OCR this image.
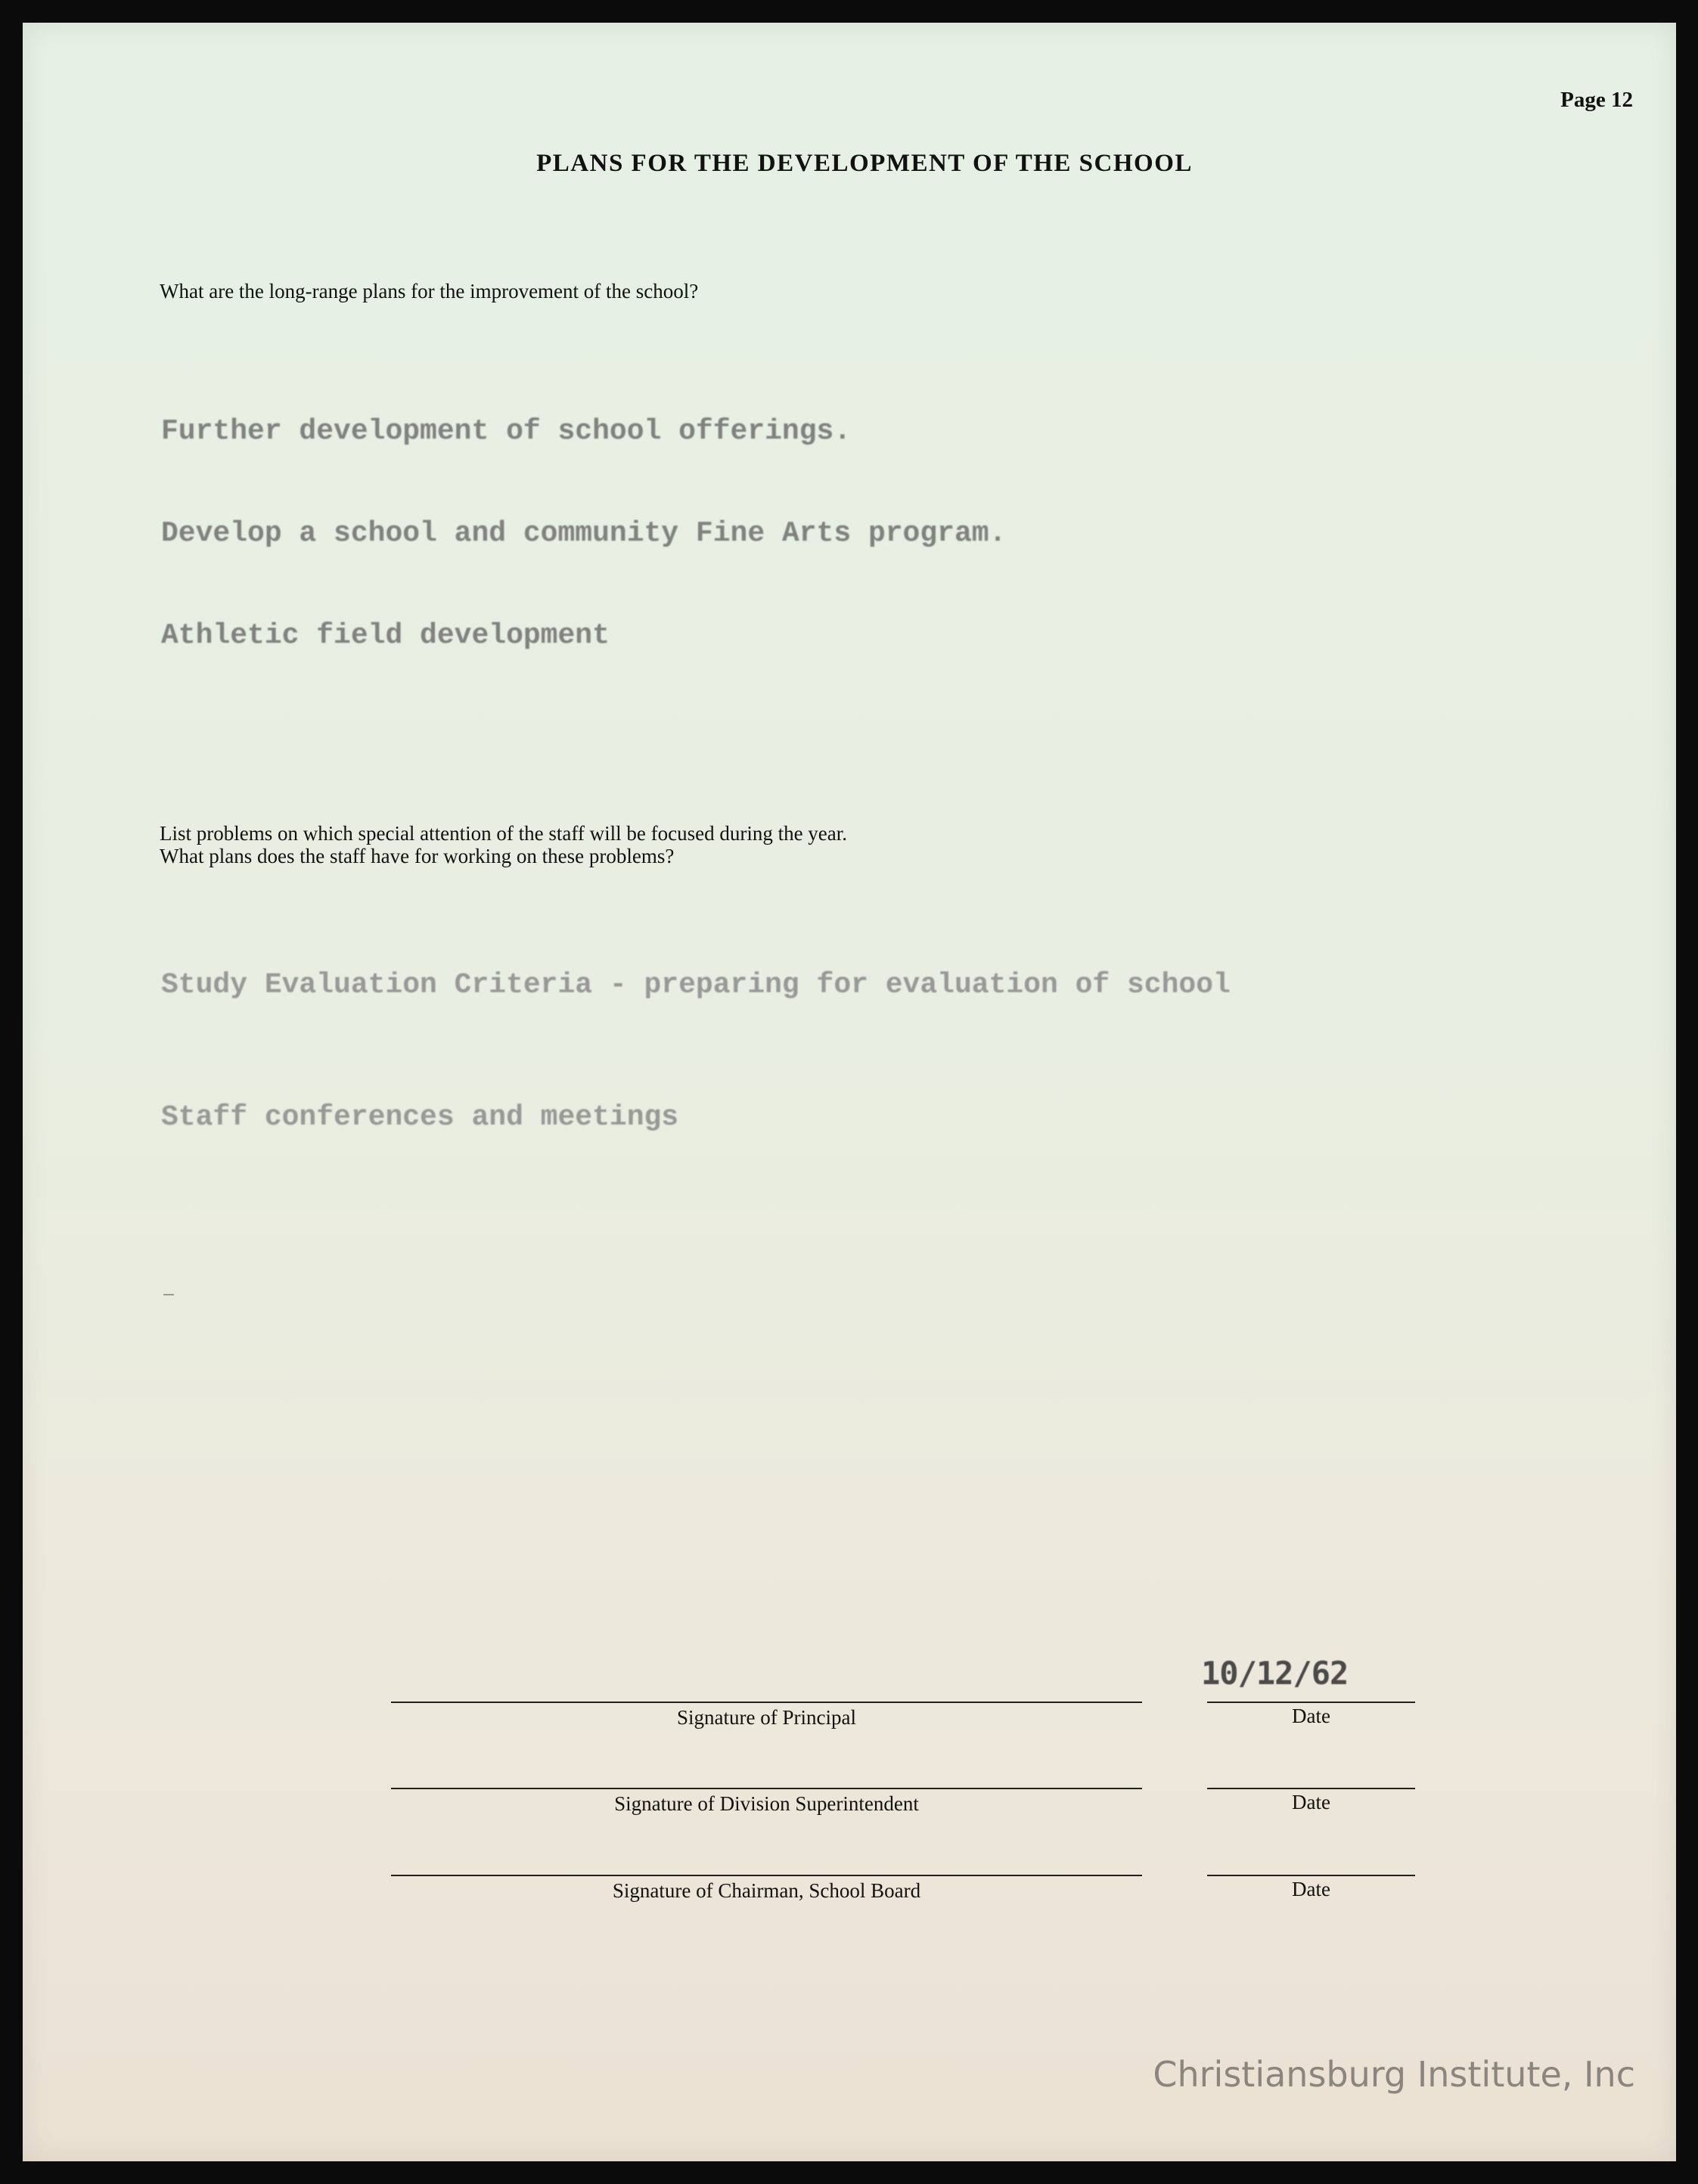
Page 12
PLANS FOR THE DEVELOPMENT OF THE SCHOOL
What are the long-range plans for the improvement of the school?

Further development of school offerings.

Develop a school and community Fine Arts program.

Athletic field development

List problems on which special attention of the staff will be focused during the year.
What plans does the staff have for working on these problems?

Study Evaluation Criteria - preparing for evaluation of school

Staff conferences and meetings

10/12/62
Signature of Principal	Date
Signature of Division Superintendent	Date
Signature of Chairman, School Board	Date
Christiansburg Institute, Inc
